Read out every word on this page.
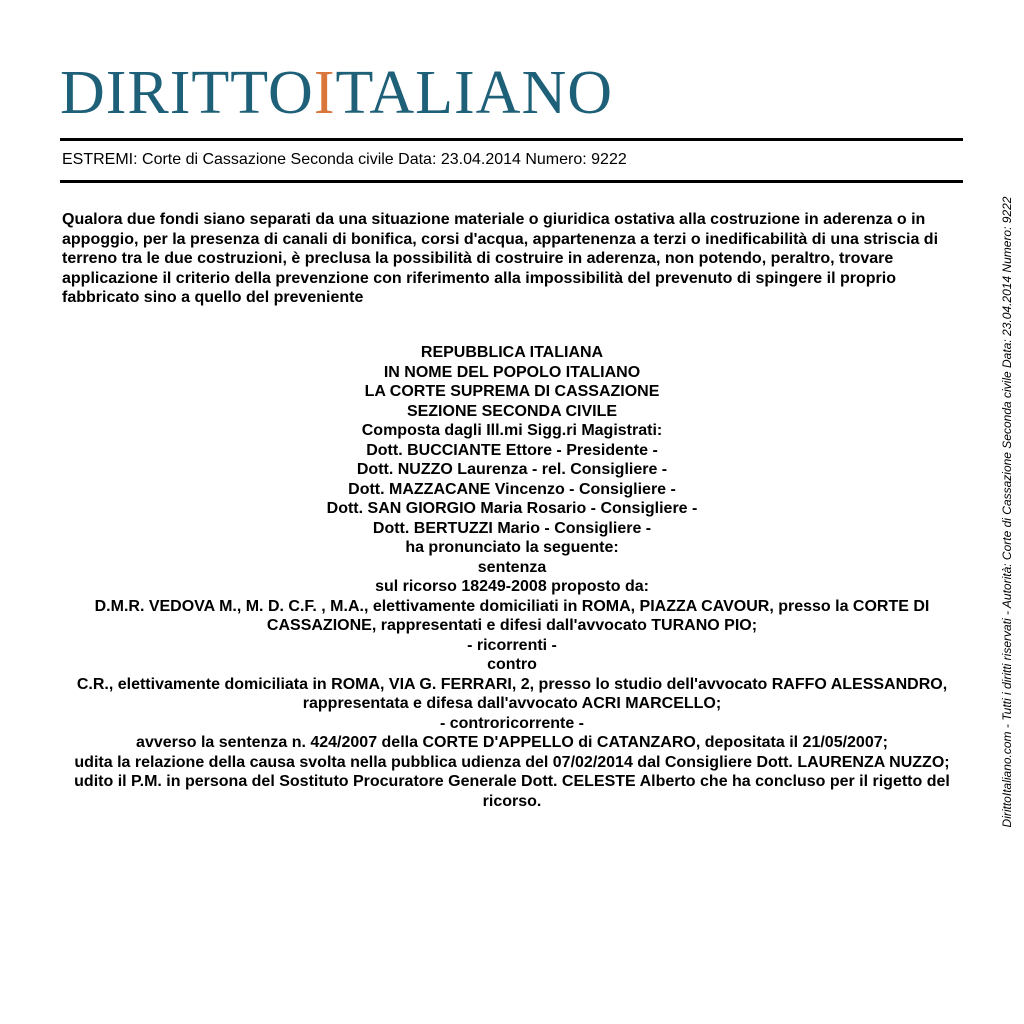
DIRITTOITALIANO
ESTREMI: Corte di Cassazione Seconda civile Data: 23.04.2014 Numero: 9222
Qualora due fondi siano separati da una situazione materiale o giuridica ostativa alla costruzione in aderenza o in appoggio, per la presenza di canali di bonifica, corsi d'acqua, appartenenza a terzi o inedificabilità di una striscia di terreno tra le due costruzioni, è preclusa la possibilità di costruire in aderenza, non potendo, peraltro, trovare applicazione il criterio della prevenzione con riferimento alla impossibilità del prevenuto di spingere il proprio fabbricato sino a quello del preveniente
REPUBBLICA ITALIANA
IN NOME DEL POPOLO ITALIANO
LA CORTE SUPREMA DI CASSAZIONE
SEZIONE SECONDA CIVILE
Composta dagli Ill.mi Sigg.ri Magistrati:
Dott. BUCCIANTE Ettore - Presidente -
Dott. NUZZO Laurenza - rel. Consigliere -
Dott. MAZZACANE Vincenzo - Consigliere -
Dott. SAN GIORGIO Maria Rosario - Consigliere -
Dott. BERTUZZI Mario - Consigliere -
ha pronunciato la seguente:
sentenza
sul ricorso 18249-2008 proposto da:
D.M.R. VEDOVA M., M. D. C.F. , M.A., elettivamente domiciliati in ROMA, PIAZZA CAVOUR, presso la CORTE DI CASSAZIONE, rappresentati e difesi dall'avvocato TURANO PIO;
- ricorrenti -
contro
C.R., elettivamente domiciliata in ROMA, VIA G. FERRARI, 2, presso lo studio dell'avvocato RAFFO ALESSANDRO, rappresentata e difesa dall'avvocato ACRI MARCELLO;
- controricorrente -
avverso la sentenza n. 424/2007 della CORTE D'APPELLO di CATANZARO, depositata il 21/05/2007;
udita la relazione della causa svolta nella pubblica udienza del 07/02/2014 dal Consigliere Dott. LAURENZA NUZZO;
udito il P.M. in persona del Sostituto Procuratore Generale Dott. CELESTE Alberto che ha concluso per il rigetto del ricorso.	DirittoItaliano.com - Tutti i diritti riservati - Autorità: Corte di Cassazione Seconda civile Data: 23.04.2014 Numero: 9222
